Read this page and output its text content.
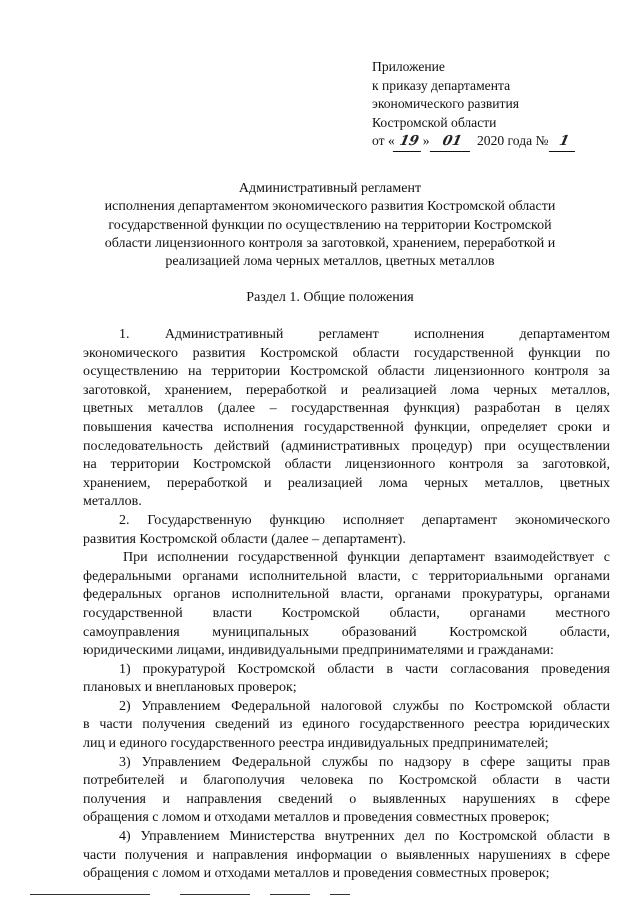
Приложение
к приказу департамента
экономического развития
Костромской области
от « 19 » 01 2020 года № 1
Административный регламент
исполнения департаментом экономического развития Костромской области
государственной функции по осуществлению на территории Костромской
области лицензионного контроля за заготовкой, хранением, переработкой и
реализацией лома черных металлов, цветных металлов
Раздел 1. Общие положения
1. Административный регламент исполнения департаментом
экономического развития Костромской области государственной функции по
осуществлению на территории Костромской области лицензионного контроля за
заготовкой, хранением, переработкой и реализацией лома черных металлов,
цветных металлов (далее – государственная функция) разработан в целях
повышения качества исполнения государственной функции, определяет сроки и
последовательность действий (административных процедур) при осуществлении
на территории Костромской области лицензионного контроля за заготовкой,
хранением, переработкой и реализацией лома черных металлов, цветных
металлов.
2. Государственную функцию исполняет департамент экономического
развития Костромской области (далее – департамент).
При исполнении государственной функции департамент взаимодействует с
федеральными органами исполнительной власти, с территориальными органами
федеральных органов исполнительной власти, органами прокуратуры, органами
государственной власти Костромской области, органами местного
самоуправления муниципальных образований Костромской области,
юридическими лицами, индивидуальными предпринимателями и гражданами:
1) прокуратурой Костромской области в части согласования проведения
плановых и внеплановых проверок;
2) Управлением Федеральной налоговой службы по Костромской области
в части получения сведений из единого государственного реестра юридических
лиц и единого государственного реестра индивидуальных предпринимателей;
3) Управлением Федеральной службы по надзору в сфере защиты прав
потребителей и благополучия человека по Костромской области в части
получения и направления сведений о выявленных нарушениях в сфере
обращения с ломом и отходами металлов и проведения совместных проверок;
4) Управлением Министерства внутренних дел по Костромской области в
части получения и направления информации о выявленных нарушениях в сфере
обращения с ломом и отходами металлов и проведения совместных проверок;
